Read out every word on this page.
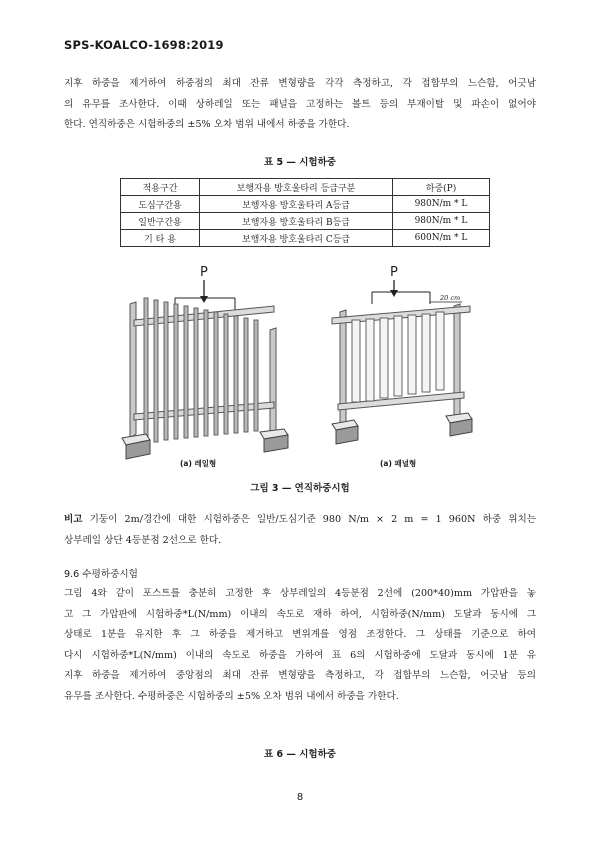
SPS-KOALCO-1698:2019
지후 하중을 제거하여 하중점의 최대 잔류 변형량을 각각 측정하고, 각 접합부의 느슨함, 어긋남
의 유무를 조사한다. 이때 상하레일 또는 패널을 고정하는 볼트 등의 부재이탈 및 파손이 없어야
한다. 연직하중은 시험하중의 ±5% 오차 범위 내에서 하중을 가한다.
표 5 — 시험하중
적용구간	보행자용 방호울타리 등급구분	하중(P)
도심구간용	보행자용 방호울타리 A등급	980N/m * L
일반구간용	보행자용 방호울타리 B등급	980N/m * L
기 타 용	보행자용 방호울타리 C등급	600N/m * L
P	P
20 cm
(a) 레일형	(a) 패널형
그림 3 — 연직하중시험
비고 기둥이 2m/경간에 대한 시험하중은 일반/도심기준 980 N/m × 2 m = 1 960N 하중 위치는
상부레일 상단 4등분점 2선으로 한다.
9.6 수평하중시험
그림 4와 같이 포스트를 충분히 고정한 후 상부레일의 4등분점 2선에 (200*40)mm 가압판을 놓
고 그 가압판에 시험하중*L(N/mm) 이내의 속도로 재하 하여, 시험하중(N/mm) 도달과 동시에 그
상태로 1분을 유지한 후 그 하중을 제거하고 변위계를 영점 조정한다. 그 상태를 기준으로 하여
다시 시험하중*L(N/mm) 이내의 속도로 하중을 가하여 표 6의 시험하중에 도달과 동시에 1분 유
지후 하중을 제거하여 중앙점의 최대 잔류 변형량을 측정하고, 각 접합부의 느슨함, 어긋남 등의
유무를 조사한다. 수평하중은 시험하중의 ±5% 오차 범위 내에서 하중을 가한다.
표 6 — 시험하중
8
